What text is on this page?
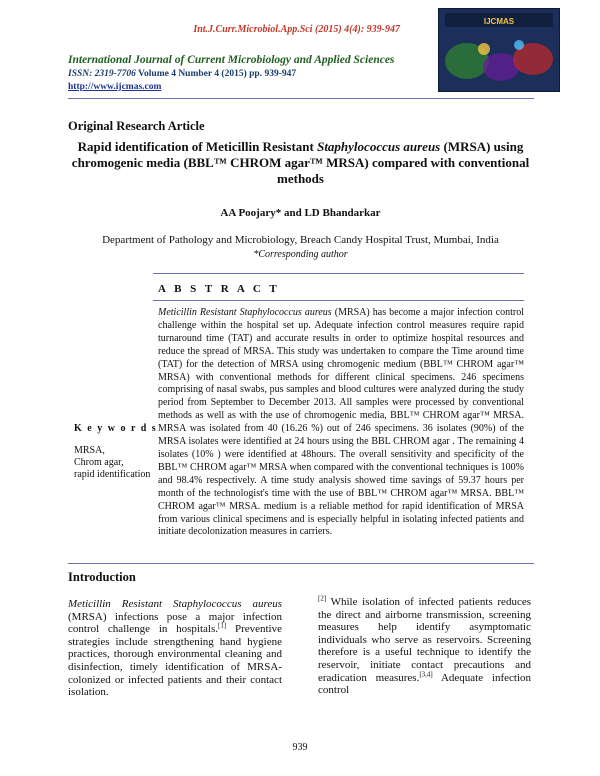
Int.J.Curr.Microbiol.App.Sci (2015) 4(4): 939-947
IJCMAS
International Journal of Current Microbiology and Applied Sciences
ISSN: 2319-7706 Volume 4 Number 4 (2015) pp. 939-947
http://www.ijcmas.com
Original Research Article
Rapid identification of Meticillin Resistant Staphylococcus aureus (MRSA) using chromogenic media (BBL™ CHROM agar™ MRSA) compared with conventional methods
AA Poojary* and LD Bhandarkar
Department of Pathology and Microbiology, Breach Candy Hospital Trust, Mumbai, India
*Corresponding author
A B S T R A C T
Meticillin Resistant Staphylococcus aureus (MRSA) has become a major infection control challenge within the hospital set up. Adequate infection control measures require rapid turnaround time (TAT) and accurate results in order to optimize hospital resources and reduce the spread of MRSA. This study was undertaken to compare the Time around time (TAT) for the detection of MRSA using chromogenic medium (BBL™ CHROM agar™ MRSA) with conventional methods for different clinical specimens. 246 specimens comprising of nasal swabs, pus samples and blood cultures were analyzed during the study period from September to December 2013. All samples were processed by conventional methods as well as with the use of chromogenic media, BBL™ CHROM agar™ MRSA. MRSA was isolated from 40 (16.26 %) out of 246 specimens. 36 isolates (90%) of the MRSA isolates were identified at 24 hours using the BBL CHROM agar . The remaining 4 isolates (10% ) were identified at 48hours. The overall sensitivity and specificity of the BBL™ CHROM agar™ MRSA when compared with the conventional techniques is 100% and 98.4% respectively. A time study analysis showed time savings of 59.37 hours per month of the technologist's time with the use of BBL™ CHROM agar™ MRSA. BBL™ CHROM agar™ MRSA. medium is a reliable method for rapid identification of MRSA from various clinical specimens and is especially helpful in isolating infected patients and initiate decolonization measures in carriers.
K e y w o r d s
MRSA,
Chrom agar,
rapid identification
Introduction

Meticillin Resistant Staphylococcus aureus (MRSA) infections pose a major infection control challenge in hospitals.[1] Preventive strategies include strengthening hand hygiene practices, thorough environmental cleaning and disinfection, timely identification of MRSA-colonized or infected patients and their contact isolation.

[2] While isolation of infected patients reduces the direct and airborne transmission, screening measures help identify asymptomatic individuals who serve as reservoirs. Screening therefore is a useful technique to identify the reservoir, initiate contact precautions and eradication measures.[3,4] Adequate infection control

939
